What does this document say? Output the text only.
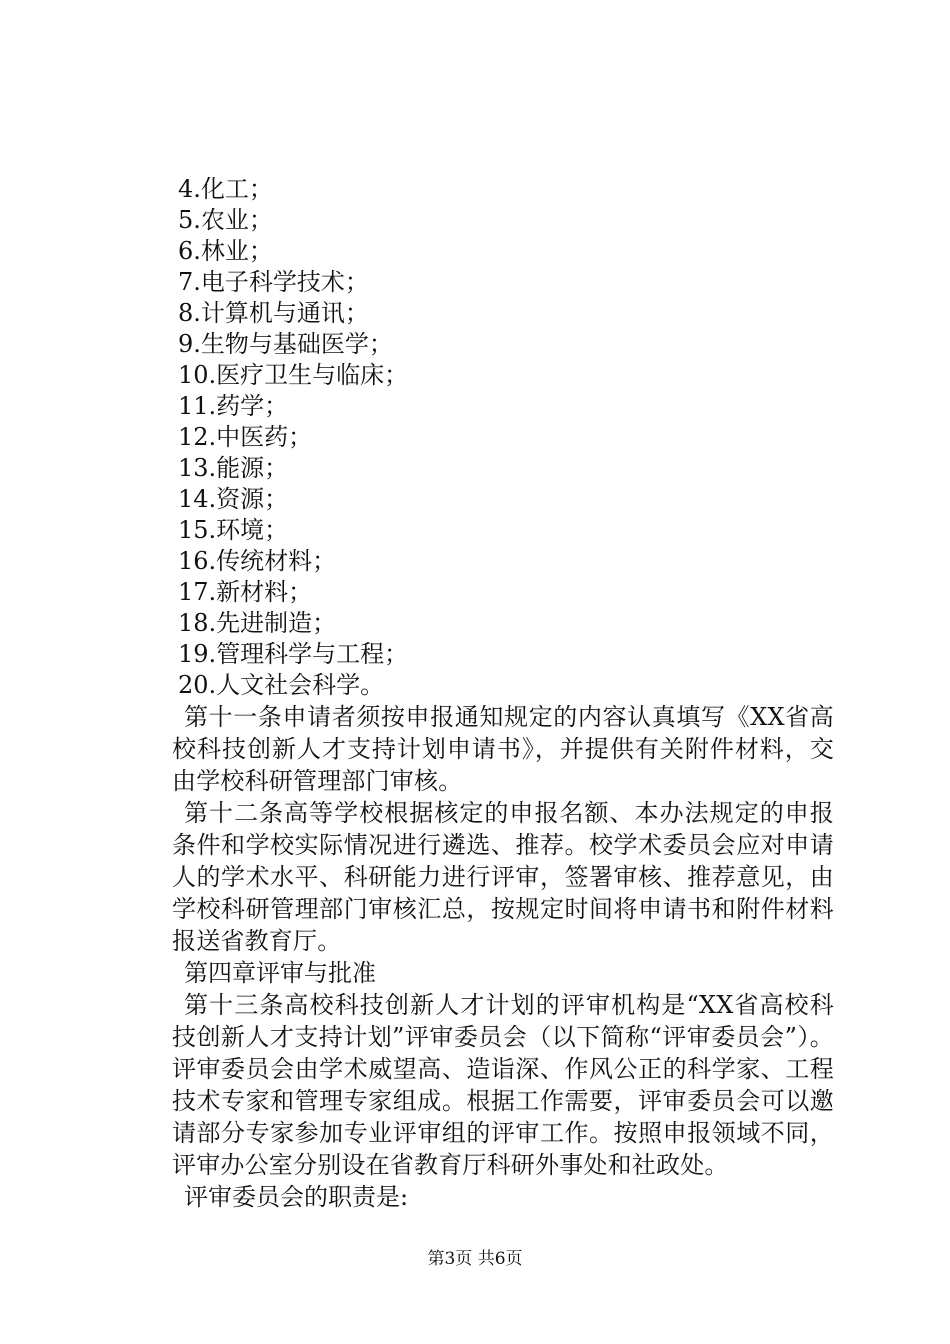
4.化工；
5.农业；
6.林业；
7.电子科学技术；
8.计算机与通讯；
9.生物与基础医学；
10.医疗卫生与临床；
11.药学；
12.中医药；
13.能源；
14.资源；
15.环境；
16.传统材料；
17.新材料；
18.先进制造；
19.管理科学与工程；
20.人文社会科学。

第十一条申请者须按申报通知规定的内容认真填写《XX省高校科技创新人才支持计划申请书》，并提供有关附件材料，交由学校科研管理部门审核。

第十二条高等学校根据核定的申报名额、本办法规定的申报条件和学校实际情况进行遴选、推荐。校学术委员会应对申请人的学术水平、科研能力进行评审，签署审核、推荐意见，由学校科研管理部门审核汇总，按规定时间将申请书和附件材料报送省教育厅。

第四章评审与批准

第十三条高校科技创新人才计划的评审机构是“XX省高校科技创新人才支持计划”评审委员会（以下简称“评审委员会”）。评审委员会由学术威望高、造诣深、作风公正的科学家、工程技术专家和管理专家组成。根据工作需要，评审委员会可以邀请部分专家参加专业评审组的评审工作。按照申报领域不同，评审办公室分别设在省教育厅科研外事处和社政处。

评审委员会的职责是:

第3页 共6页
